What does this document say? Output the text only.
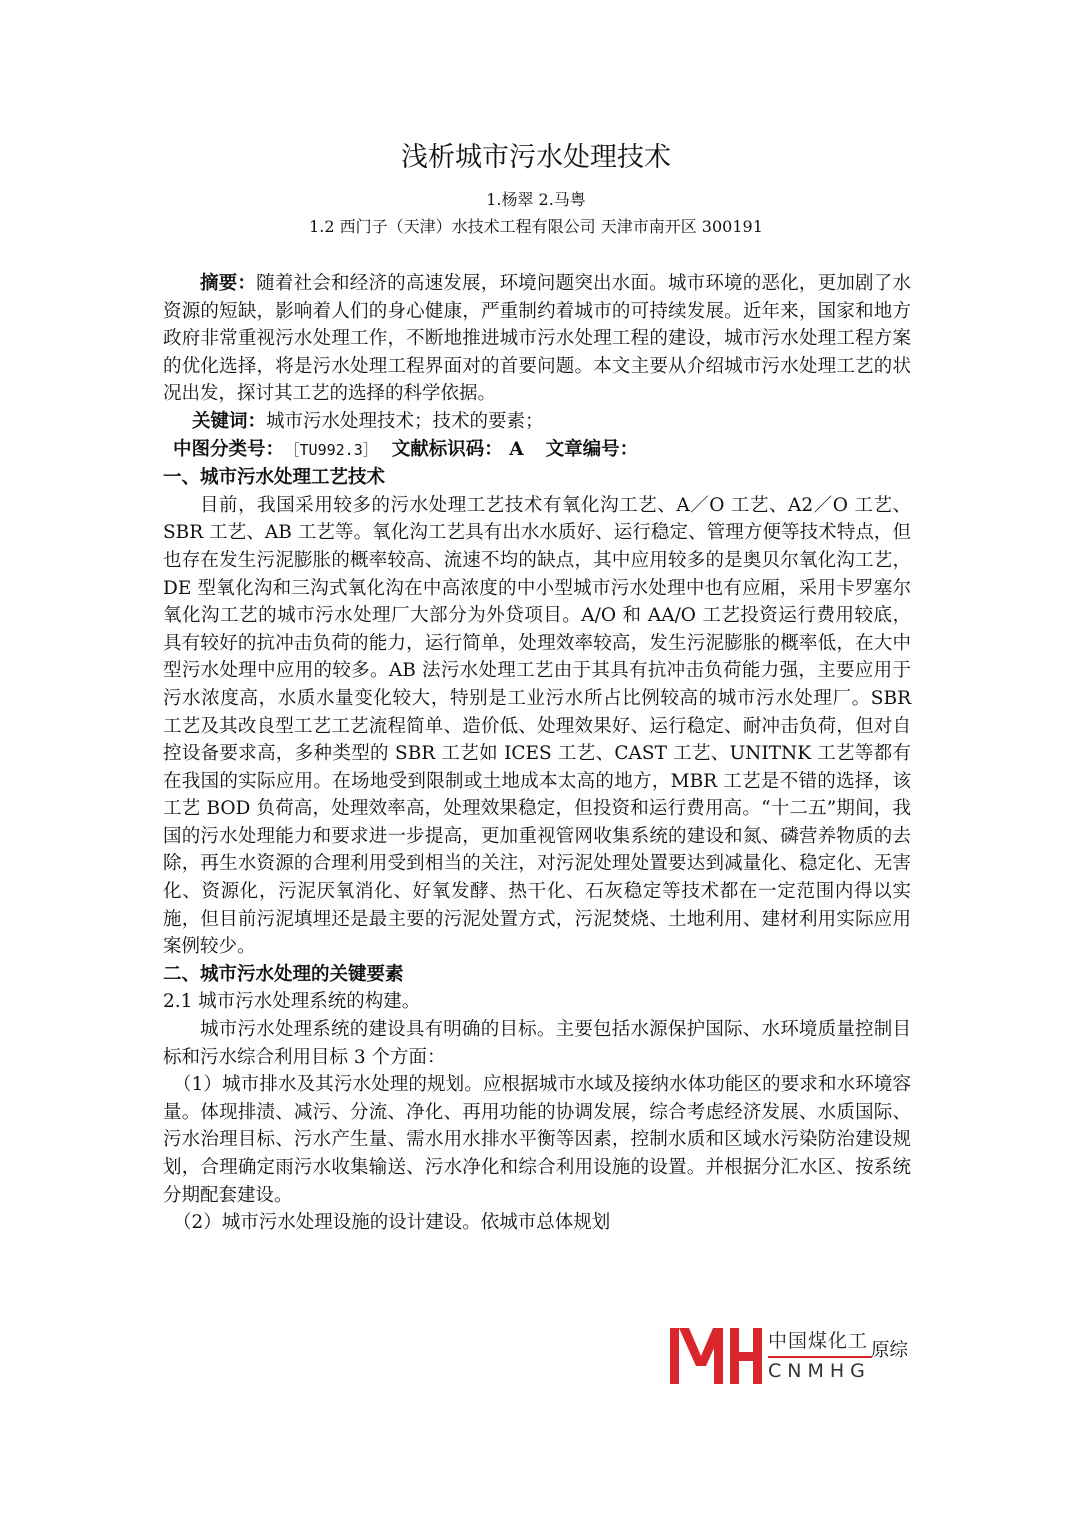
浅析城市污水处理技术
1.杨翠 2.马粤
1.2 西门子（天津）水技术工程有限公司 天津市南开区 300191

摘要：随着社会和经济的高速发展，环境问题突出水面。城市环境的恶化，更加剧了水资源的短缺，影响着人们的身心健康，严重制约着城市的可持续发展。近年来，国家和地方政府非常重视污水处理工作，不断地推进城市污水处理工程的建设，城市污水处理工程方案的优化选择，将是污水处理工程界面对的首要问题。本文主要从介绍城市污水处理工艺的状况出发，探讨其工艺的选择的科学依据。

关键词：城市污水处理技术；技术的要素；

中图分类号： ［TU992.3］ 文献标识码： A 文章编号：

一、城市污水处理工艺技术

目前，我国采用较多的污水处理工艺技术有氧化沟工艺、A／O 工艺、A2／O 工艺、SBR 工艺、AB 工艺等。氧化沟工艺具有出水水质好、运行稳定、管理方便等技术特点，但也存在发生污泥膨胀的概率较高、流速不均的缺点，其中应用较多的是奥贝尔氧化沟工艺，DE 型氧化沟和三沟式氧化沟在中高浓度的中小型城市污水处理中也有应厢，采用卡罗塞尔氧化沟工艺的城市污水处理厂大部分为外贷项目。A/O 和 AA/O 工艺投资运行费用较底，具有较好的抗冲击负荷的能力，运行简单，处理效率较高，发生污泥膨胀的概率低，在大中型污水处理中应用的较多。AB 法污水处理工艺由于其具有抗冲击负荷能力强，主要应用于污水浓度高，水质水量变化较大，特别是工业污水所占比例较高的城市污水处理厂。SBR 工艺及其改良型工艺工艺流程简单、造价低、处理效果好、运行稳定、耐冲击负荷，但对自控设备要求高，多种类型的 SBR 工艺如 ICES 工艺、CAST 工艺、UNITNK 工艺等都有在我国的实际应用。在场地受到限制或土地成本太高的地方，MBR 工艺是不错的选择，该工艺 BOD 负荷高，处理效率高，处理效果稳定，但投资和运行费用高。“十二五”期间，我国的污水处理能力和要求进一步提高，更加重视管网收集系统的建设和氮、磷营养物质的去除，再生水资源的合理利用受到相当的关注，对污泥处理处置要达到减量化、稳定化、无害化、资源化，污泥厌氧消化、好氧发酵、热干化、石灰稳定等技术都在一定范围内得以实施，但目前污泥填埋还是最主要的污泥处置方式，污泥焚烧、土地利用、建材利用实际应用案例较少。

二、城市污水处理的关键要素

2.1 城市污水处理系统的构建。

城市污水处理系统的建设具有明确的目标。主要包括水源保护国际、水环境质量控制目标和污水综合利用目标 3 个方面：

（1）城市排水及其污水处理的规划。应根据城市水域及接纳水体功能区的要求和水环境容量。体现排渍、减污、分流、净化、再用功能的协调发展，综合考虑经济发展、水质国际、污水治理目标、污水产生量、需水用水排水平衡等因素，控制水质和区域水污染防治建设规划，合理确定雨污水收集输送、污水净化和综合利用设施的设置。并根据分汇水区、按系统分期配套建设。

（2）城市污水处理设施的设计建设。依城市总体规划

中国煤化工
CNMHG
原综
